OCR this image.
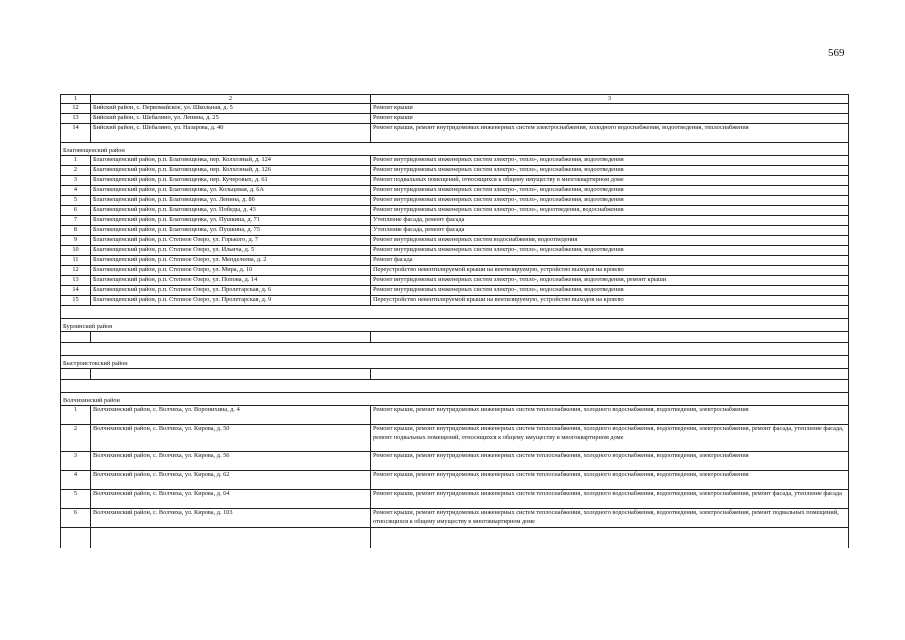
569
1	2	3
12	Бийский район, с. Первомайское, ул. Школьная, д. 5	Ремонт крыши
13	Бийский район, с. Шебалино, ул. Ленина, д. 25	Ремонт крыши
14	Бийский район, с. Шебалино, ул. Назарова, д. 40	Ремонт крыши, ремонт внутридомовых инженерных систем электроснабжения, холодного водоснабжения, водоотведения, теплоснабжения
Благовещенский район		
1	Благовещенский район, р.п. Благовещенка, пер. Колхозный, д. 124	Ремонт внутридомовых инженерных систем электро-, тепло-, водоснабжения, водоотведения
2	Благовещенский район, р.п. Благовещенка, пер. Колхозный, д. 126	Ремонт внутридомовых инженерных систем электро-, тепло-, водоснабжения, водоотведения
3	Благовещенский район, р.п. Благовещенка, пер. Кучеровых, д. 61	Ремонт подвальных помещений, относящихся к общему имуществу в многоквартирном доме
4	Благовещенский район, р.п. Благовещенка, ул. Кольцевая, д. 6А	Ремонт внутридомовых инженерных систем электро-, тепло-, водоснабжения, водоотведения
5	Благовещенский район, р.п. Благовещенка, ул. Ленина, д. 86	Ремонт внутридомовых инженерных систем электро-, тепло-, водоснабжения, водоотведения
6	Благовещенский район, р.п. Благовещенка, ул. Победы, д. 43	Ремонт внутридомовых инженерных систем электро-, тепло-, водоотведения, водоснабжения
7	Благовещенский район, р.п. Благовещенка, ул. Пушкина, д. 71	Утепление фасада, ремонт фасада
8	Благовещенский район, р.п. Благовещенка, ул. Пушкина, д. 75	Утепление фасада, ремонт фасада
9	Благовещенский район, р.п. Степное Озеро, ул. Горького, д. 7	Ремонт внутридомовых инженерных систем водоснабжения, водоотведения
10	Благовещенский район, р.п. Степное Озеро, ул. Ильича, д. 5	Ремонт внутридомовых инженерных систем электро-, тепло-, водоснабжения, водоотведения
11	Благовещенский район, р.п. Степное Озеро, ул. Менделеева, д. 2	Ремонт фасада
12	Благовещенский район, р.п. Степное Озеро, ул. Мира, д. 10	Переустройство невентилируемой крыши на вентилируемую, устройство выходов на кровлю
13	Благовещенский район, р.п. Степное Озеро, ул. Попова, д. 14	Ремонт внутридомовых инженерных систем электро-, тепло-, водоснабжения, водоотведения, ремонт крыши
14	Благовещенский район, р.п. Степное Озеро, ул. Пролетарская, д. 6	Ремонт внутридомовых инженерных систем электро-, тепло-, водоснабжения, водоотведения
15	Благовещенский район, р.п. Степное Озеро, ул. Пролетарская, д. 9	Переустройство невентилируемой крыши на вентилируемую, устройство выходов на кровлю

Бурлинский район		

Быстроистокский район		

Волчихинский район		
1	Волчихинский район, с. Волчиха, ул. Воронихина, д. 4	Ремонт крыши, ремонт внутридомовых инженерных систем теплоснабжения, холодного водоснабжения, водоотведения, электроснабжения
2	Волчихинский район, с. Волчиха, ул. Кирова, д. 50	Ремонт крыши, ремонт внутридомовых инженерных систем теплоснабжения, холодного водоснабжения, водоотведения, электроснабжения, ремонт фасада, утепление фасада, ремонт подвальных помещений, относящихся к общему имуществу в многоквартирном доме
3	Волчихинский район, с. Волчиха, ул. Кирова, д. 56	Ремонт крыши, ремонт внутридомовых инженерных систем теплоснабжения, холодного водоснабжения, водоотведения, электроснабжения
4	Волчихинский район, с. Волчиха, ул. Кирова, д. 62	Ремонт крыши, ремонт внутридомовых инженерных систем теплоснабжения, холодного водоснабжения, водоотведения, электроснабжения
5	Волчихинский район, с. Волчиха, ул. Кирова, д. 64	Ремонт крыши, ремонт внутридомовых инженерных систем теплоснабжения, холодного водоснабжения, водоотведения, электроснабжения, ремонт фасада, утепление фасада
6	Волчихинский район, с. Волчиха, ул. Кирова, д. 103	Ремонт крыши, ремонт внутридомовых инженерных систем теплоснабжения, холодного водоснабжения, водоотведения, электроснабжения, ремонт подвальных помещений, относящихся к общему имуществу в многоквартирном доме
